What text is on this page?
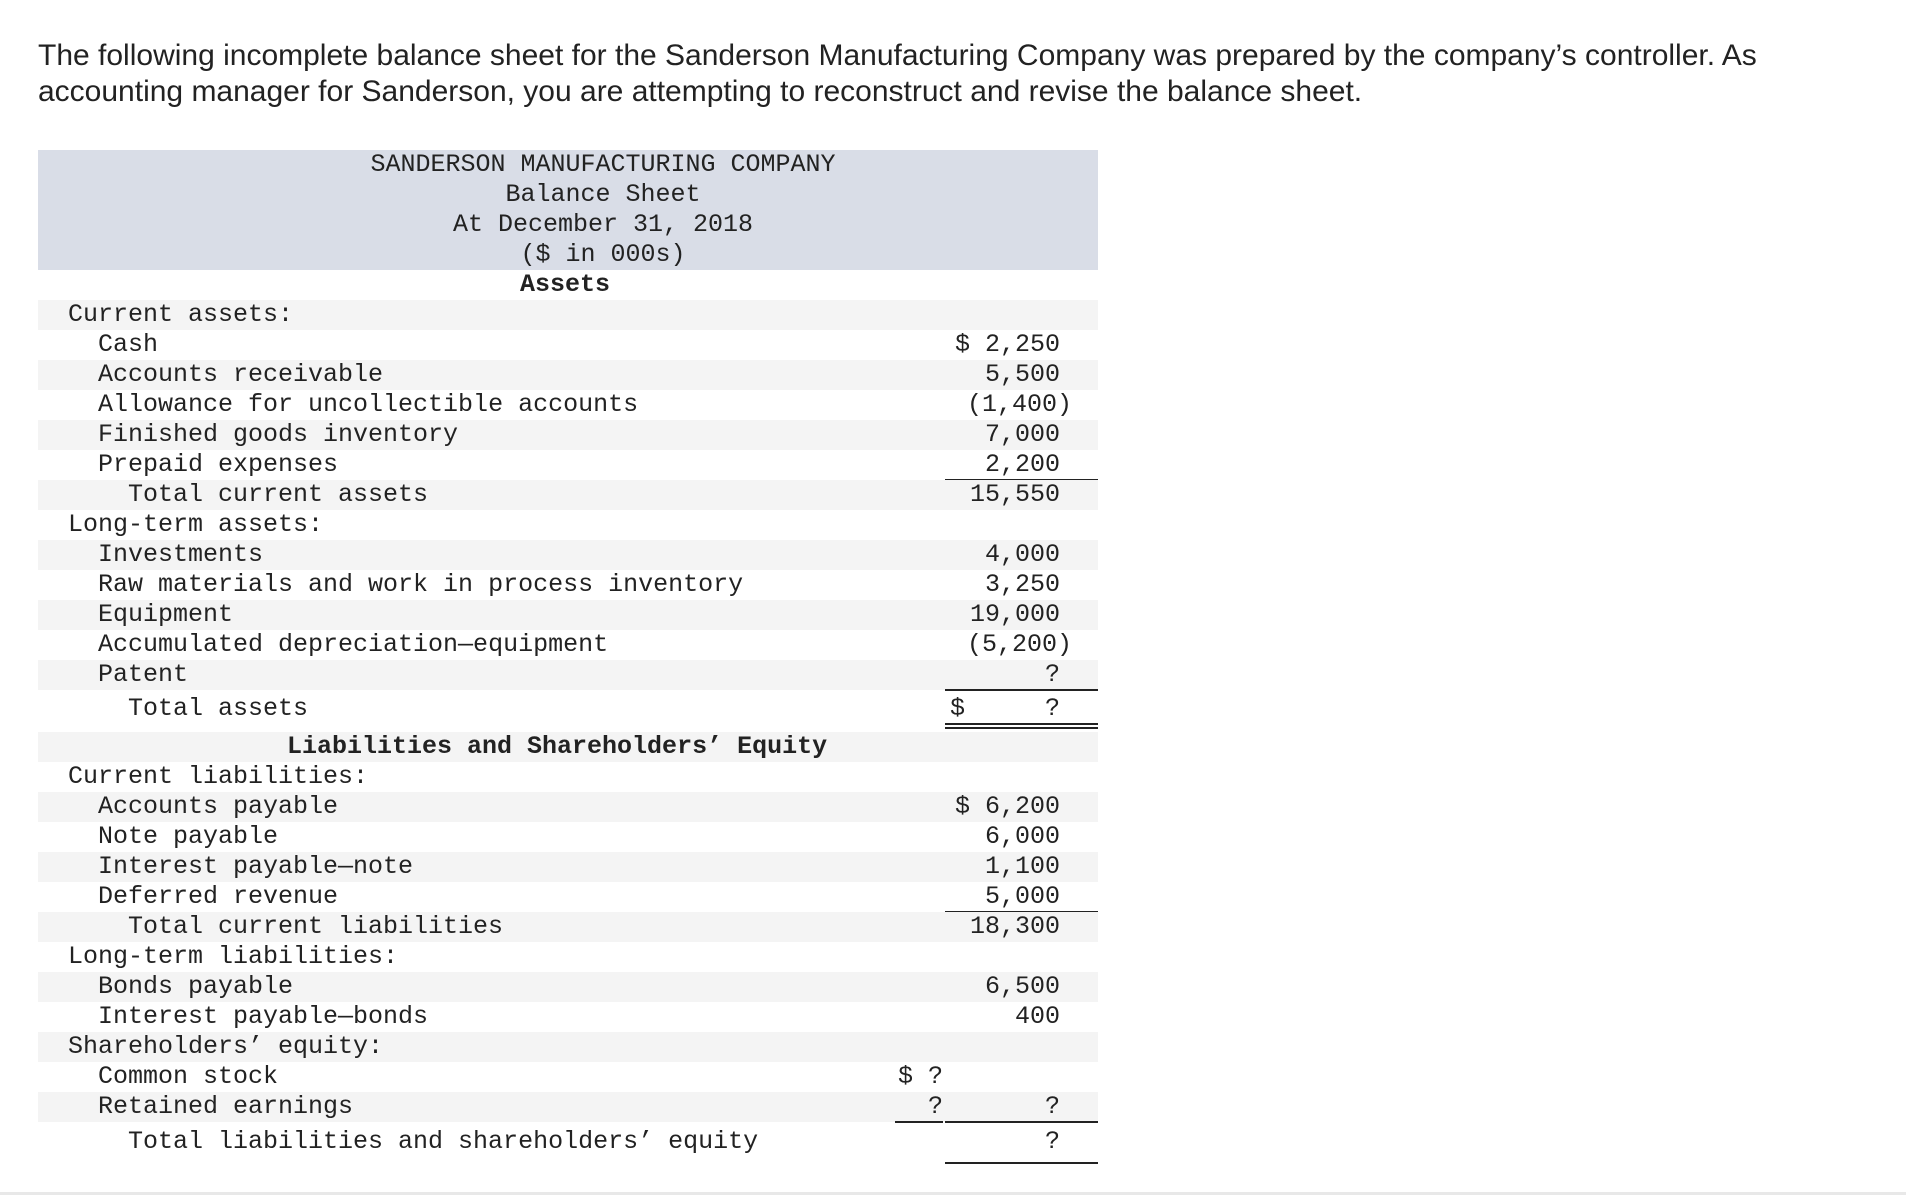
The following incomplete balance sheet for the Sanderson Manufacturing Company was prepared by the company’s controller. As accounting manager for Sanderson, you are attempting to reconstruct and revise the balance sheet.
SANDERSON MANUFACTURING COMPANY
Balance Sheet
At December 31, 2018
($ in 000s)
Assets
Current assets:
Cash	$ 2,250
Accounts receivable	5,500
Allowance for uncollectible accounts	(1,400)
Finished goods inventory	7,000
Prepaid expenses	2,200
Total current assets	15,550
Long-term assets:
Investments	4,000
Raw materials and work in process inventory	3,250
Equipment	19,000
Accumulated depreciation—equipment	(5,200)
Patent	?
Total assets	$	?
Liabilities and Shareholders’ Equity
Current liabilities:
Accounts payable	$ 6,200
Note payable	6,000
Interest payable—note	1,100
Deferred revenue	5,000
Total current liabilities	18,300
Long-term liabilities:
Bonds payable	6,500
Interest payable—bonds	400
Shareholders’ equity:
Common stock	$ ?
Retained earnings	?	?
Total liabilities and shareholders’ equity	?
